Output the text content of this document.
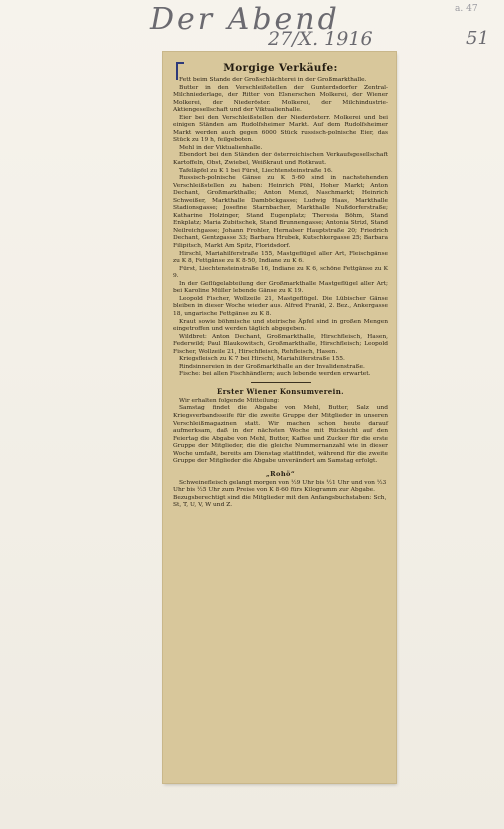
Der Abend
27/X. 1916	51
a. 47
Morgige Verkäufe:

Fett beim Stande der Großschlächterei in der Großmarkthalle.

Butter in den Verschleißstellen der Gunterdsdorfer Zentral-Milchniederlage, der Ritter von Elsnerschen Molkerei, der Wiener Molkerei, der Niederöster. Molkerei, der Milchindustrie-Aktiengesellschaft und der Viktualienhalle.

Eier bei den Verschleißstellen der Niederösterr. Molkerei und bei einigen Ständen am Rudolfsheimer Markt. Auf dem Rudolfsheimer Markt werden auch gegen 6000 Stück russisch-polnische Eier, das Stück zu 19 h, feilgeboten.

Mehl in der Viktualienhalle.

Ebendort bei den Ständen der österreichischen Verkaufsgesellschaft Kartoffeln, Obst, Zwiebel, Weißkraut und Rotkraut.

Tafeläpfel zu K 1 bei Fürst, Liechtensteinstraße 16.

Russisch-polnische Gänse zu K 5·60 sind in nachstehenden Verschleißstellen zu haben: Heinrich Pöhl, Hoher Markt; Anton Dechant, Großmarkthalle; Anton Menzl, Naschmarkt; Heinrich Schweißer, Markthalle Damböckgasse; Ludwig Haas, Markthalle Stadionsgasse; Josefine Starnbacher, Markthalle Nußdorferstraße; Katharine Holzinger, Stand Eugenplatz; Theresia Böhm, Stand Enkplatz; Maria Zubitschek, Stand Brunnengasse; Antonia Strizl, Stand Neilreichgasse; Johann Frohler, Hernalser Hauptstraße 20; Friedrich Dechant, Gentzgasse 33; Barbara Hrubek, Kutschkergasse 25; Barbara Filipitsch, Markt Am Spitz, Floridsdorf.

Hirschl, Mariahilferstraße 155, Mastgeflügel aller Art, Fleischgänse zu K 8, Fettgänse zu K 8·50, Indiane zu K 6.

Fürst, Liechtensteinstraße 16, Indiane zu K 6, schöne Fettgänse zu K 9.

In der Geflügelabteilung der Großmarkthalle Mastgeflügel aller Art; bei Karoline Müller lebende Gänse zu K 19.

Leopold Fischer, Wollzeile 21, Mastgeflügel. Die Lübischer Gänse bleiben in dieser Woche wieder aus. Alfred Frankl, 2. Bez., Ankergasse 18, ungarische Fettgänse zu K 8.

Kraut sowie böhmische und steirische Äpfel sind in großen Mengen eingetroffen und werden täglich abgegeben.

Wildbret: Anton Dechant, Großmarkthalle, Hirschfleisch, Hasen, Federwild; Paul Blaukowitsch, Großmarkthalle, Hirschfleisch; Leopold Fischer, Wollzeile 21, Hirschfleisch, Rehfleisch, Hasen.

Kriegsfleisch zu K 7 bei Hirschl, Mariahilferstraße 155.

Rindsinnereien in der Großmarkthalle an der Invalidenstraße.

Fische: bei allen Fischhändlern; auch lebende werden erwartet.

Erster Wiener Konsumverein.

Wir erhalten folgende Mitteilung:

Samstag findet die Abgabe von Mehl, Butter, Salz und Kriegsverbandsseife für die zweite Gruppe der Mitglieder in unseren Verschleißmagazinen statt. Wir machen schon heute darauf aufmerksam, daß in der nächsten Woche mit Rücksicht auf den Feiertag die Abgabe von Mehl, Butter, Kaffee und Zucker für die erste Gruppe der Mitglieder, die die gleiche Nummernanzahl wie in dieser Woche umfaßt, bereits am Dienstag stattfindet, während für die zweite Gruppe der Mitglieder die Abgabe unverändert am Samstag erfolgt.

„Rohö“

Schweinefleisch gelangt morgen von ½9 Uhr bis ½1 Uhr und von ½3 Uhr bis ½5 Uhr zum Preise von K 8·60 fürs Kilogramm zur Abgabe. Bezugsberechtigt sind die Mitglieder mit den Anfangsbuchstaben: Sch, St, T, U, V, W und Z.
